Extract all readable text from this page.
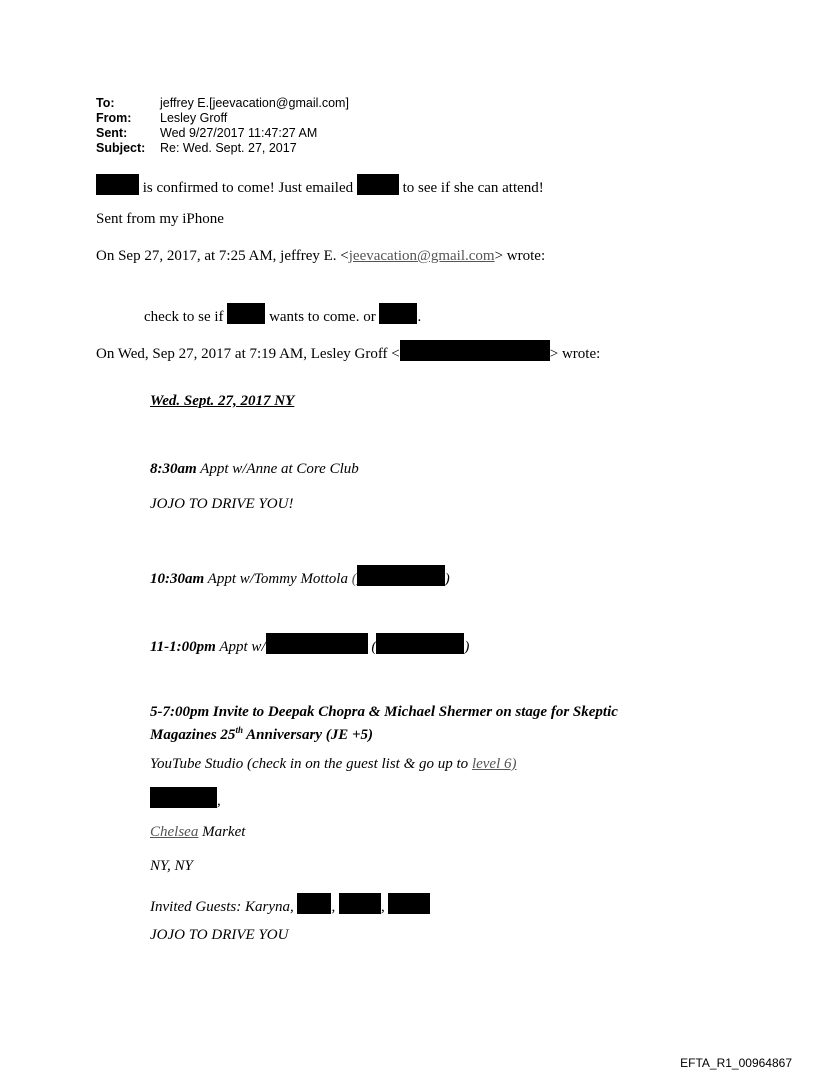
To:	jeffrey E.[jeevacation@gmail.com]
From: Lesley Groff
Sent:	Wed 9/27/2017 11:47:27 AM
Subject: Re: Wed. Sept. 27, 2017
is confirmed to come! Just emailed	to see if she can attend!
Sent from my iPhone
On Sep 27, 2017, at 7:25 AM, jeffrey E. <jeevacation@gmail.com> wrote:
check to se if	wants to come. or	.
On Wed, Sep 27, 2017 at 7:19 AM, Lesley Groff <	> wrote:
Wed. Sept. 27, 2017 NY
8:30am Appt w/Anne at Core Club
JOJO TO DRIVE YOU!
10:30am Appt w/Tommy Mottola (	)
11-1:00pm Appt w/	(	)
5-7:00pm Invite to Deepak Chopra & Michael Shermer on stage for Skeptic
Magazines 25th Anniversary (JE +5)
YouTube Studio (check in on the guest list & go up to level 6)
,
Chelsea Market
NY, NY
Invited Guests: Karyna, ,	,
JOJO TO DRIVE YOU
EFTA_R1_00964867
